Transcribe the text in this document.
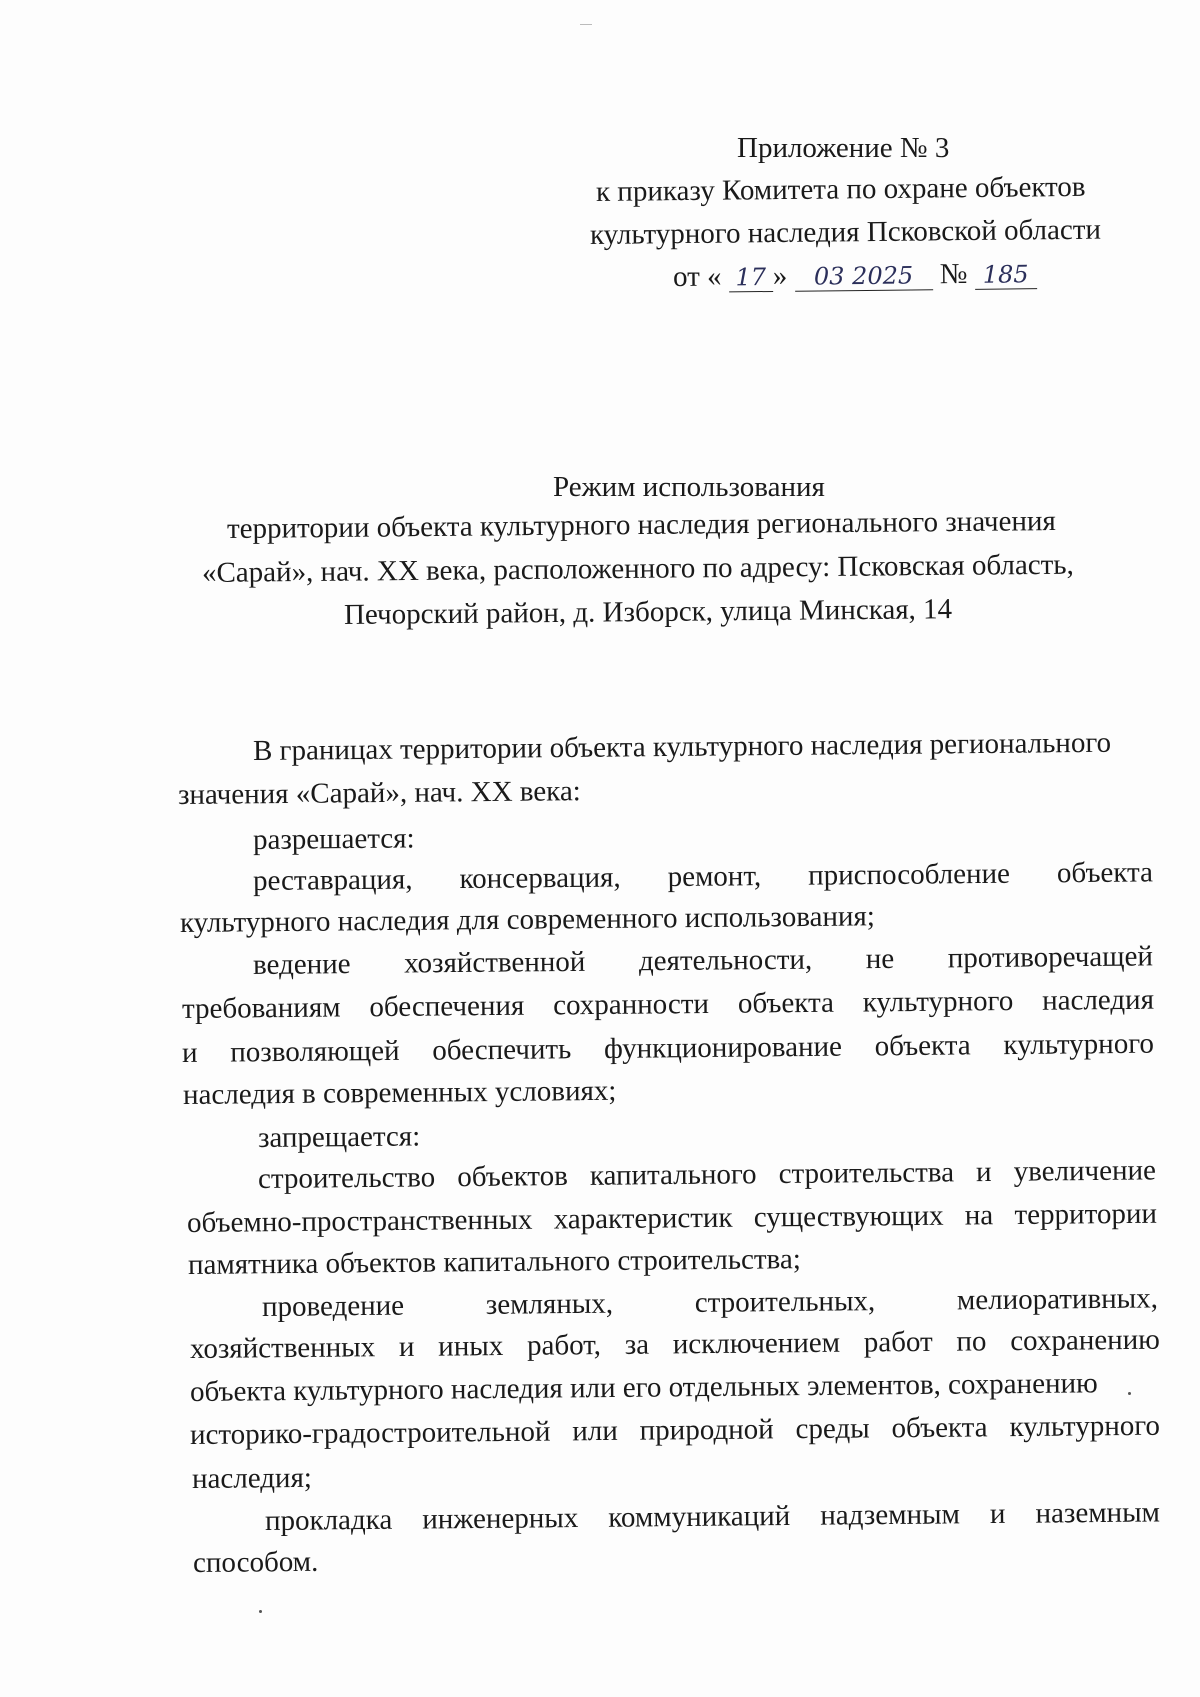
Приложение № 3
к приказу Комитета по охране объектов
культурного наследия Псковской области
от « 17 » 03 2025 № 185
Режим использования
территории объекта культурного наследия регионального значения
«Сарай», нач. XX века, расположенного по адресу: Псковская область,
Печорский район, д. Изборск, улица Минская, 14
В границах территории объекта культурного наследия регионального
значения «Сарай», нач. XX века:
разрешается:
реставрация, консервация, ремонт, приспособление объекта
культурного наследия для современного использования;
ведение хозяйственной деятельности, не противоречащей
требованиям обеспечения сохранности объекта культурного наследия
и позволяющей обеспечить функционирование объекта культурного
наследия в современных условиях;
запрещается:
строительство объектов капитального строительства и увеличение
объемно-пространственных характеристик существующих на территории
памятника объектов капитального строительства;
проведение	земляных,	строительных,	мелиоративных,
хозяйственных и иных работ, за исключением работ по сохранению
объекта культурного наследия или его отдельных элементов, сохранению
историко-градостроительной или природной среды объекта культурного
наследия;
прокладка инженерных коммуникаций надземным и наземным
способом.
